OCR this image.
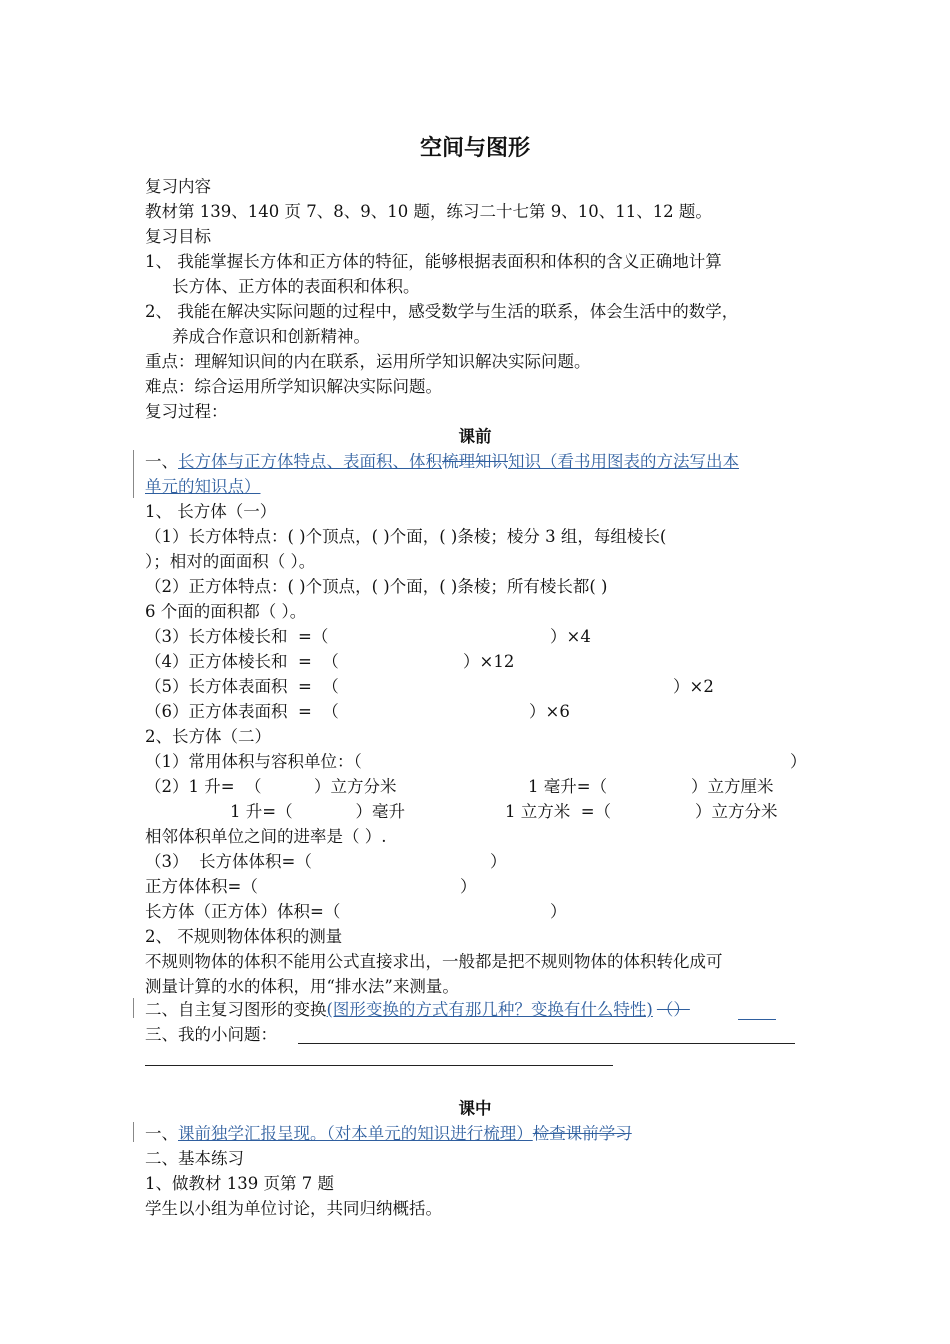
空间与图形
复习内容
教材第 139、140 页 7、8、9、10 题，练习二十七第 9、10、11、12 题。
复习目标
1、 我能掌握长方体和正方体的特征，能够根据表面积和体积的含义正确地计算
长方体、正方体的表面积和体积。
2、 我能在解决实际问题的过程中，感受数学与生活的联系，体会生活中的数学，
养成合作意识和创新精神。
重点：理解知识间的内在联系，运用所学知识解决实际问题。
难点：综合运用所学知识解决实际问题。
复习过程：
课前
一、长方体与正方体特点、表面积、体积梳理知识知识（看书用图表的方法写出本
单元的知识点）
1、 长方体（一）
（1）长方体特点：( )个顶点，( )个面，( )条棱；棱分 3 组，每组棱长(
）；相对的面面积（ ）。
（2）正方体特点：( )个顶点，( )个面，( )条棱；所有棱长都( )
6 个面的面积都（ ）。
（3）长方体棱长和  =（	）×4
（4）正方体棱长和  =  （	）×12
（5）长方体表面积  =  （	）×2
（6）正方体表面积  =  （	）×6
2、长方体（二）
（1）常用体积与容积单位：（	）
（2）1 升=  （          ）立方分米	1 毫升=（                ）立方厘米
1 升=（            ）毫升	1 立方米  =（                ）立方分米
相邻体积单位之间的进率是（ ）.
（3）  长方体体积=（	）
正方体体积=（	）
长方体（正方体）体积=（	）
2、 不规则物体体积的测量
不规则物体的体积不能用公式直接求出，一般都是把不规则物体的体积转化成可
测量计算的水的体积，用“排水法”来测量。
二、自主复习图形的变换(图形变换的方式有那几种？变换有什么特性) （）
三、我的小问题：
课中
一、课前独学汇报呈现。（对本单元的知识进行梳理）检查课前学习
二、基本练习
1、做教材 139 页第 7 题
学生以小组为单位讨论，共同归纳概括。
